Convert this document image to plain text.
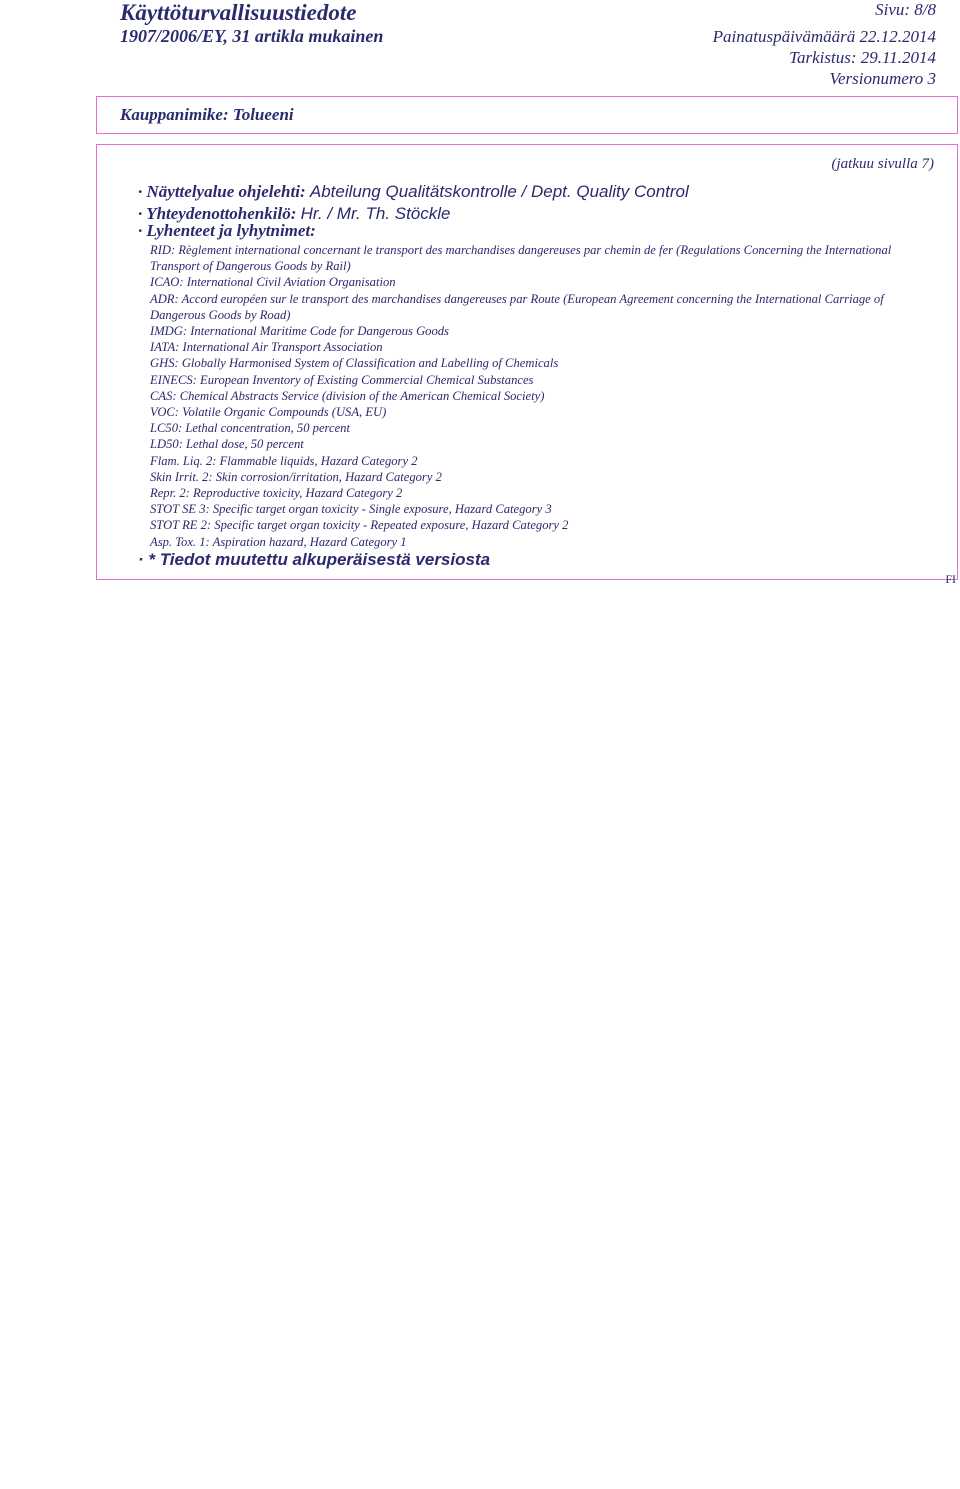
Käyttöturvallisuustiedote
1907/2006/EY, 31 artikla mukainen
Sivu: 8/8
Painatuspäivämäärä 22.12.2014
Tarkistus: 29.11.2014
Versionumero 3
Kauppanimike: Tolueeni
(jatkuu sivulla 7)
· Näyttelyalue ohjelehti: Abteilung Qualitätskontrolle / Dept. Quality Control
· Yhteydenottohenkilö: Hr. / Mr. Th. Stöckle
· Lyhenteet ja lyhytnimet:
RID: Règlement international concernant le transport des marchandises dangereuses par chemin de fer (Regulations Concerning the International Transport of Dangerous Goods by Rail)
ICAO: International Civil Aviation Organisation
ADR: Accord européen sur le transport des marchandises dangereuses par Route (European Agreement concerning the International Carriage of Dangerous Goods by Road)
IMDG: International Maritime Code for Dangerous Goods
IATA: International Air Transport Association
GHS: Globally Harmonised System of Classification and Labelling of Chemicals
EINECS: European Inventory of Existing Commercial Chemical Substances
CAS: Chemical Abstracts Service (division of the American Chemical Society)
VOC: Volatile Organic Compounds (USA, EU)
LC50: Lethal concentration, 50 percent
LD50: Lethal dose, 50 percent
Flam. Liq. 2: Flammable liquids, Hazard Category 2
Skin Irrit. 2: Skin corrosion/irritation, Hazard Category 2
Repr. 2: Reproductive toxicity, Hazard Category 2
STOT SE 3: Specific target organ toxicity - Single exposure, Hazard Category 3
STOT RE 2: Specific target organ toxicity - Repeated exposure, Hazard Category 2
Asp. Tox. 1: Aspiration hazard, Hazard Category 1
· * Tiedot muutettu alkuperäisestä versiosta
FI
